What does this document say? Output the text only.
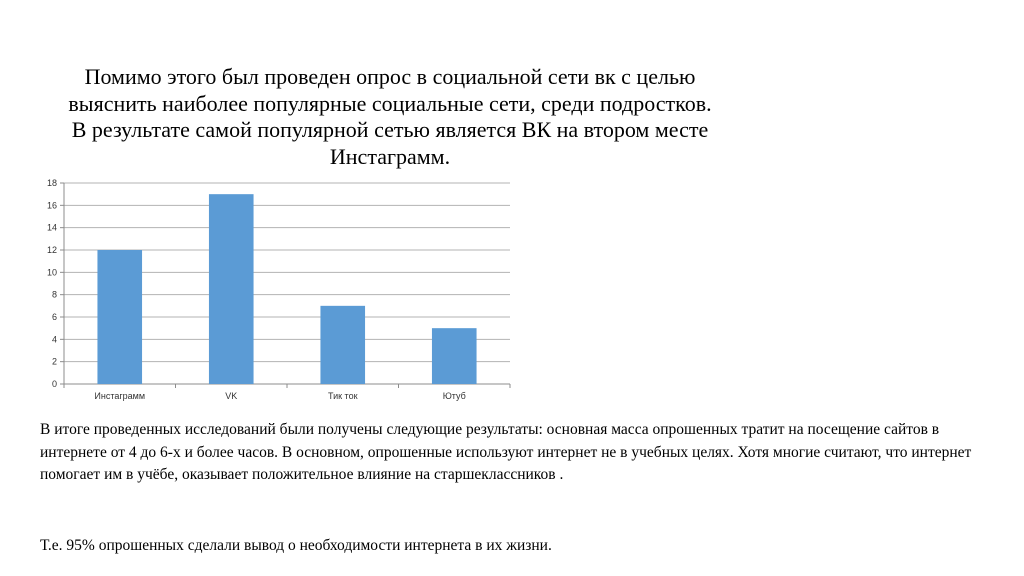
Помимо этого был проведен опрос в социальной сети вк с целью
выяснить наиболее популярные социальные сети, среди подростков.
В результате самой популярной сетью является ВК на втором месте
Инстаграмм.
0
2
4
6
8
10
12
14
16
18
Инстаграмм	VK	Тик ток	Ютуб
В итоге проведенных исследований были получены следующие результаты: основная масса опрошенных тратит на посещение сайтов в интернете от 4 до 6-х и более часов. В основном, опрошенные используют интернет не в учебных целях. Хотя многие считают, что интернет помогает им в учёбе, оказывает положительное влияние на старшеклассников .
Т.е. 95% опрошенных сделали вывод о необходимости интернета в их жизни.
